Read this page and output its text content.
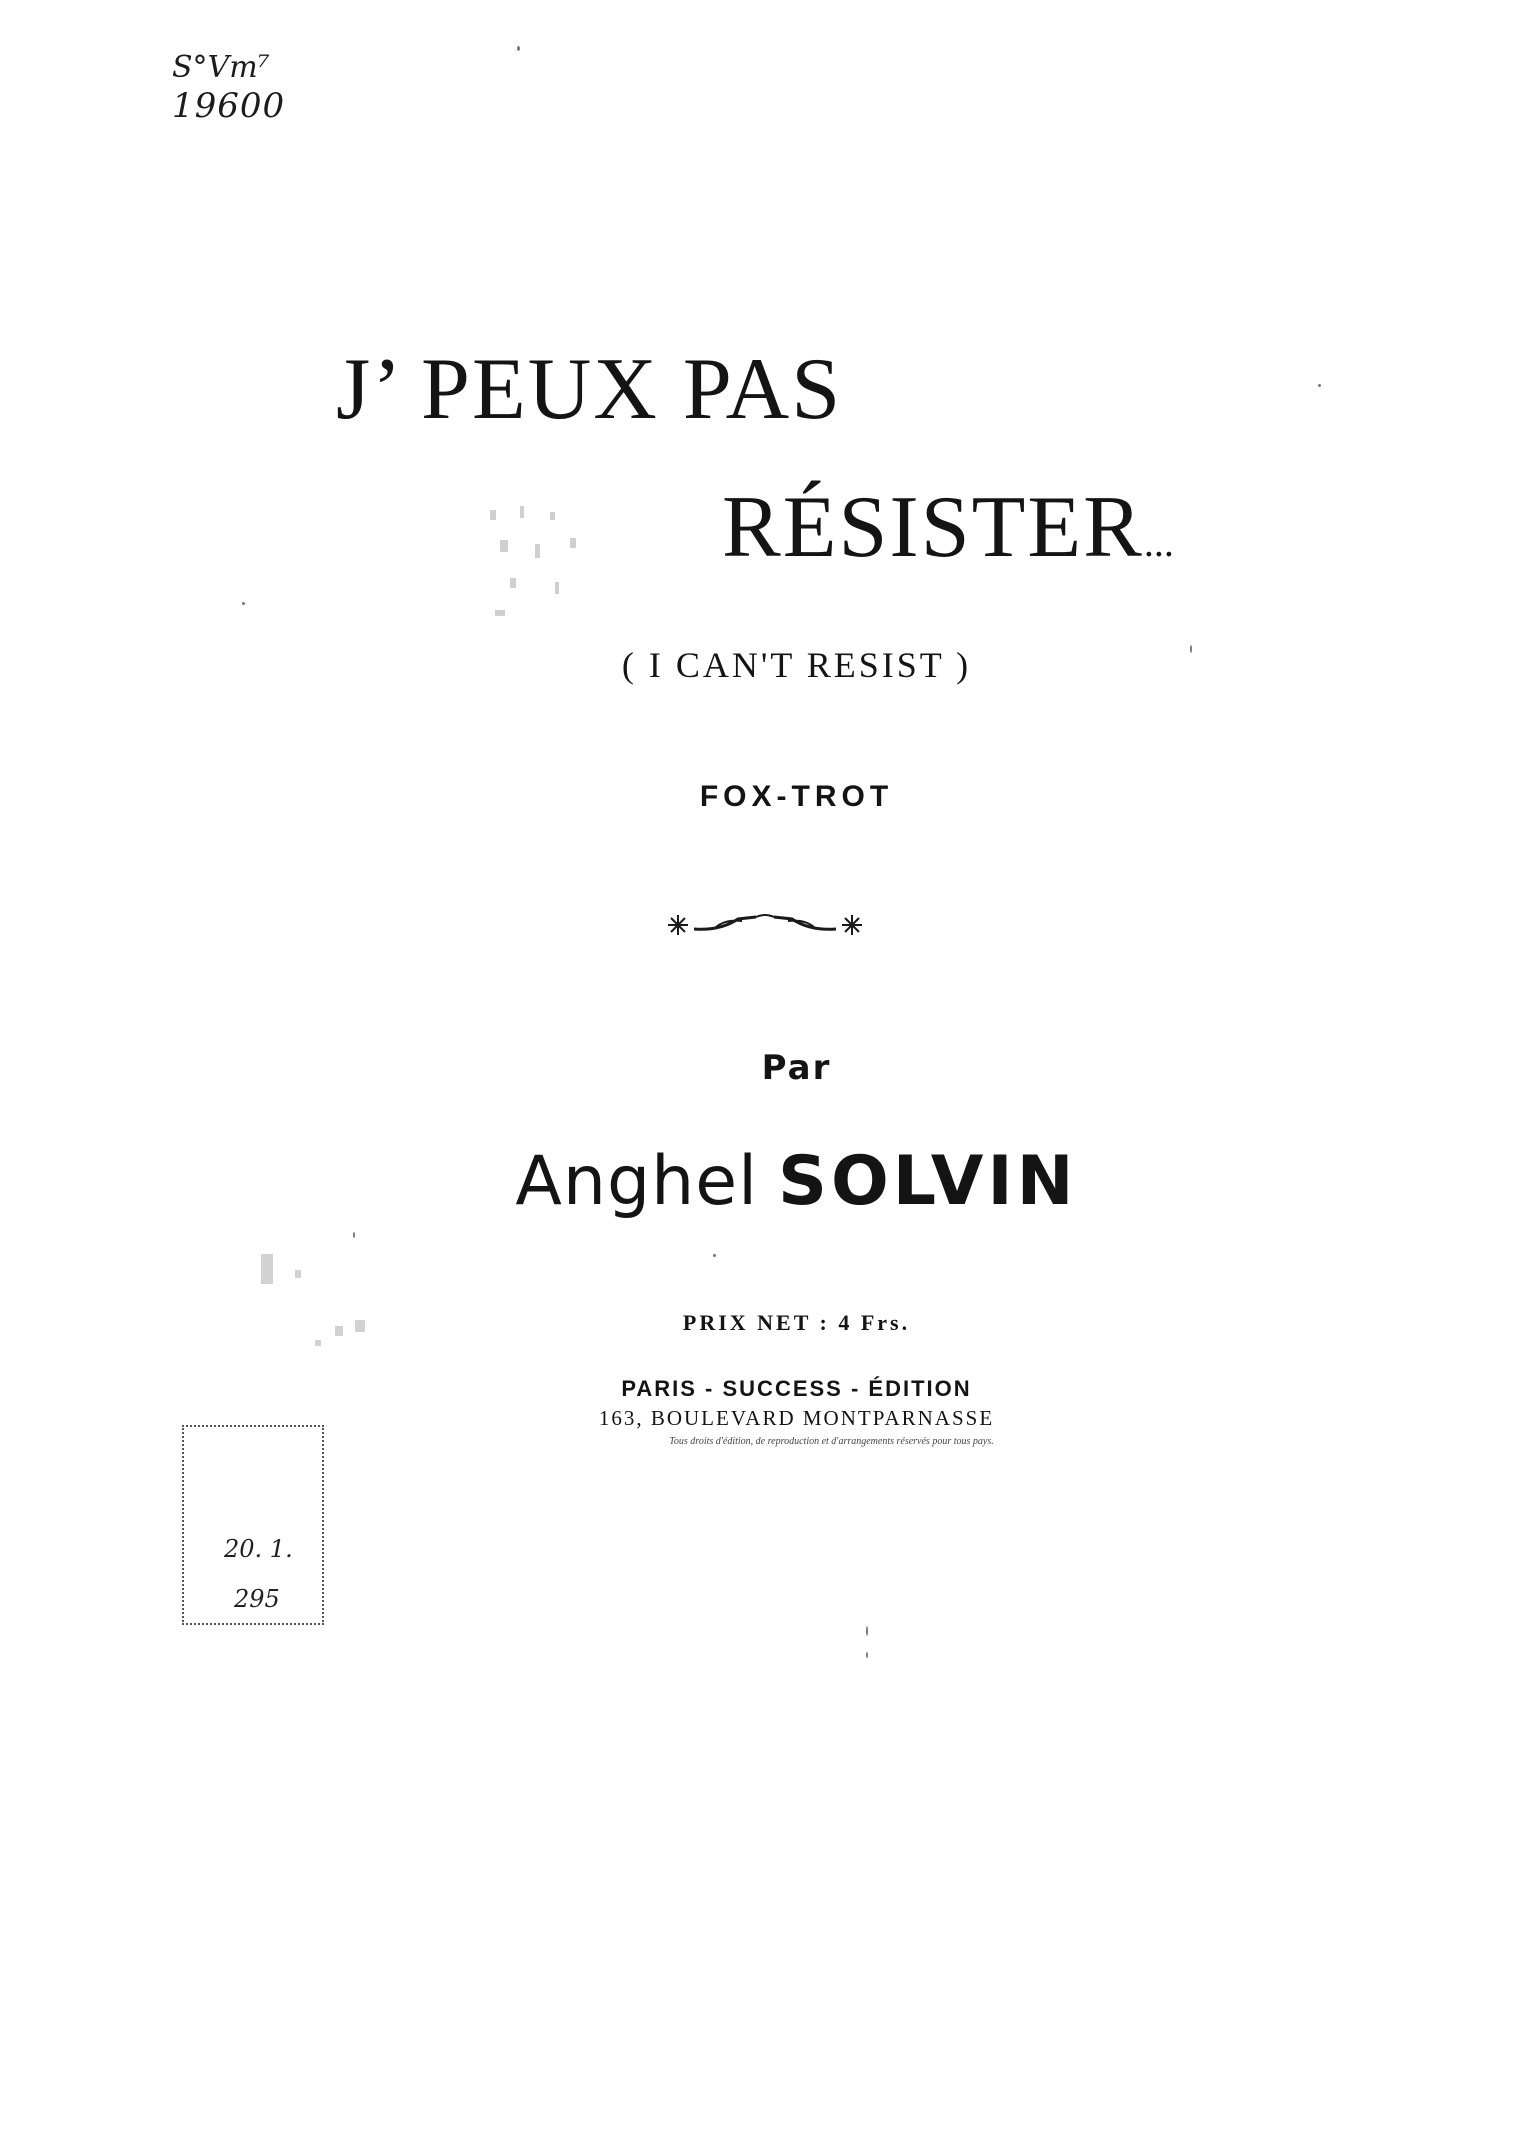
S°Vm⁷
19600
J’ PEUX PAS
RÉSISTER...
( I CAN'T RESIST )
FOX-TROT
Par
Anghel SOLVIN
PRIX NET : 4 Frs.
PARIS - SUCCESS - ÉDITION
163, BOULEVARD MONTPARNASSE
Tous droits d'édition, de reproduction et d'arrangements réservés pour tous pays.
20. 1.
295
